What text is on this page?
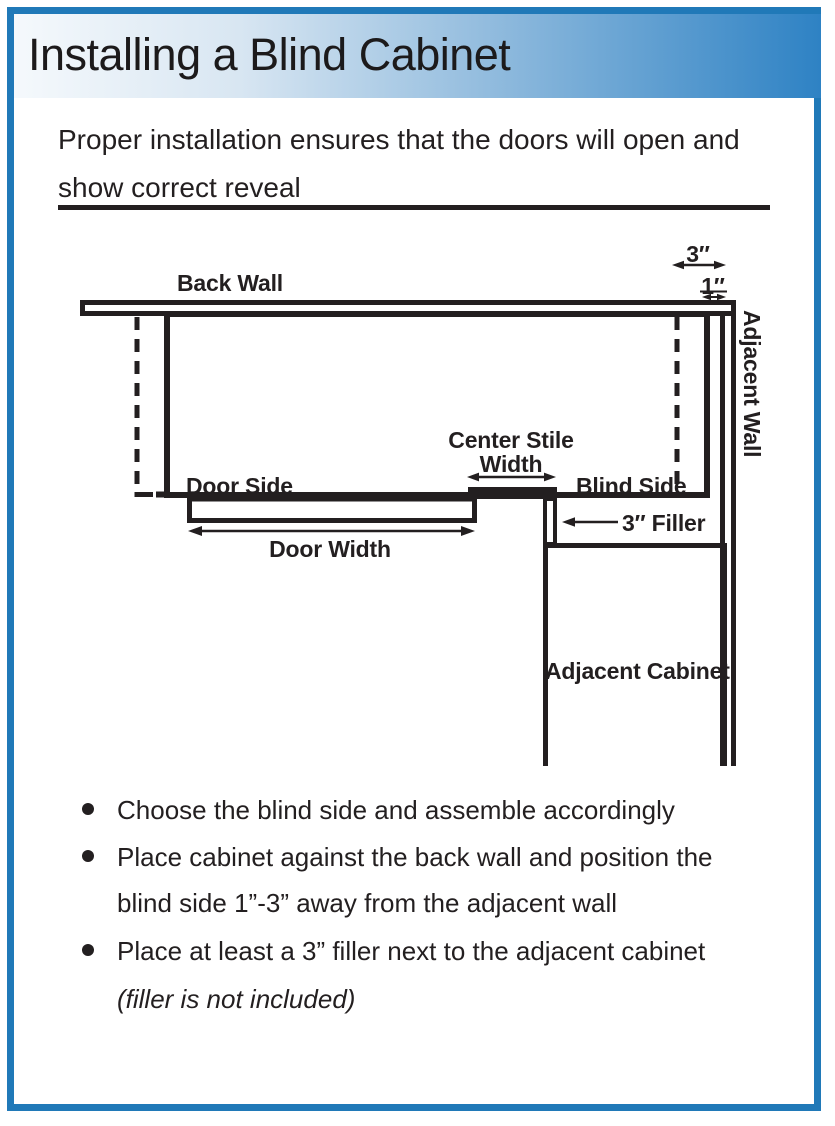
Installing a Blind Cabinet
Proper installation ensures that the doors will open and
show correct reveal
Back Wall
3″
1″
Adjacent Wall
Door Side	Blind Side
Center Stile
Width
Door Width
3″ Filler
Adjacent Cabinet
Choose the blind side and assemble accordingly
Place cabinet against the back wall and position the
blind side 1”-3” away from the adjacent wall
Place at least a 3” filler next to the adjacent cabinet
(filler is not included)
